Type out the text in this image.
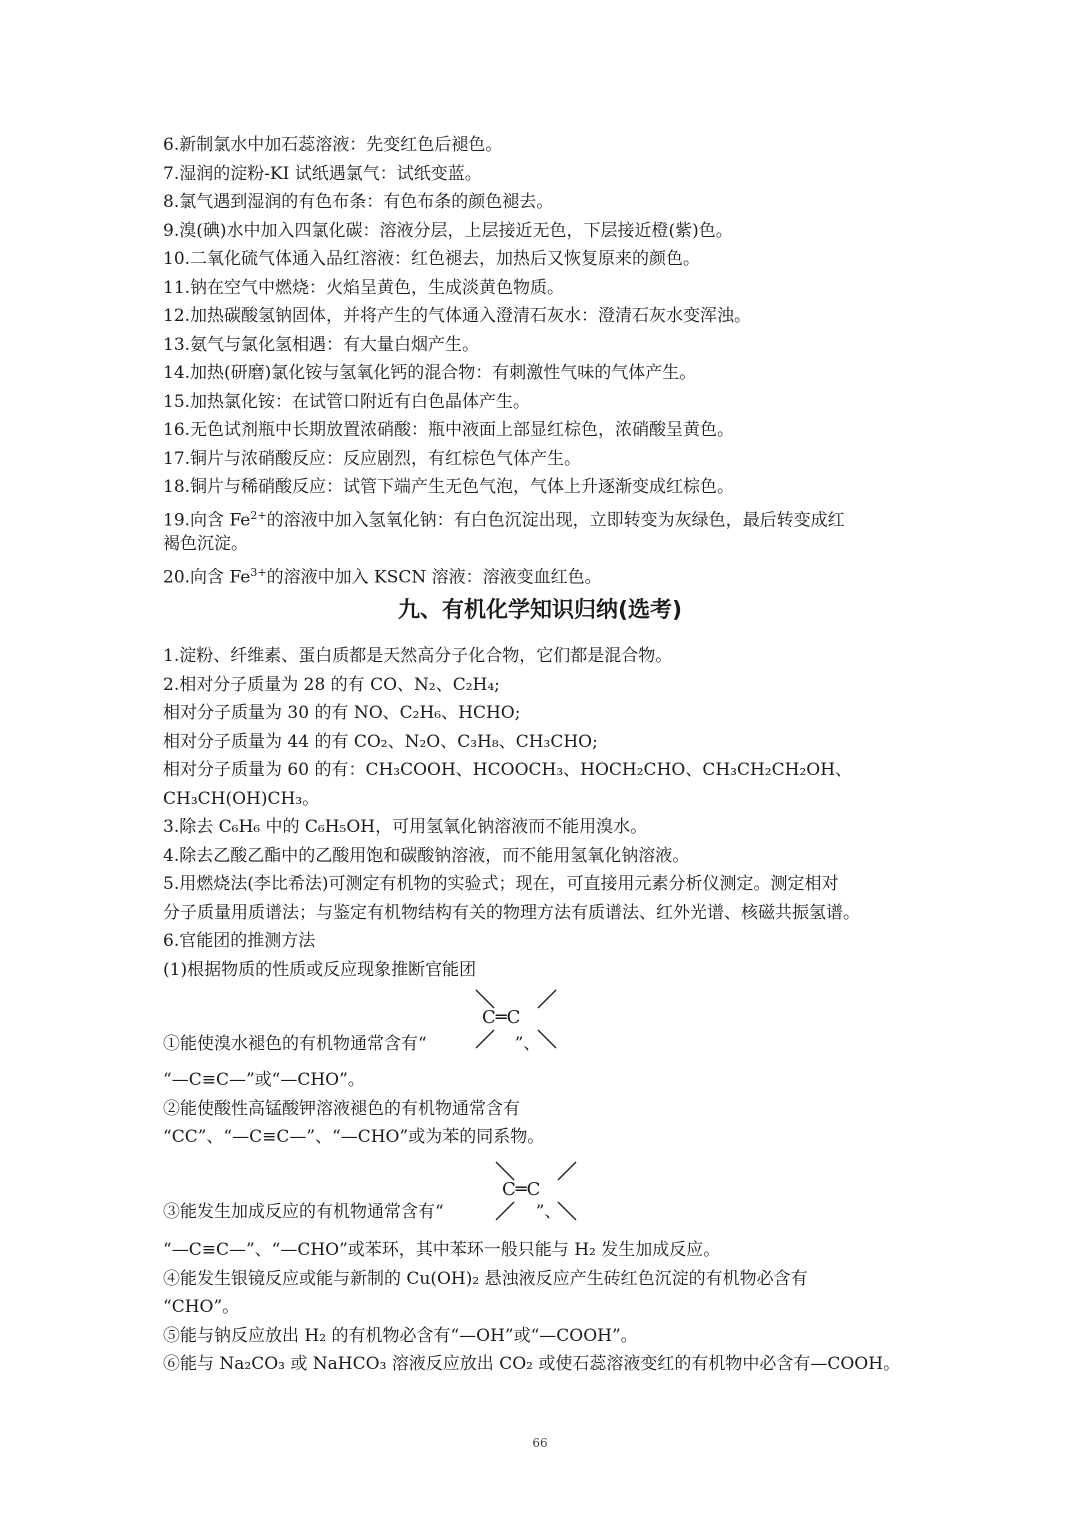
6.新制氯水中加石蕊溶液：先变红色后褪色。
7.湿润的淀粉-KI 试纸遇氯气：试纸变蓝。
8.氯气遇到湿润的有色布条：有色布条的颜色褪去。
9.溴(碘)水中加入四氯化碳：溶液分层，上层接近无色，下层接近橙(紫)色。
10.二氧化硫气体通入品红溶液：红色褪去，加热后又恢复原来的颜色。
11.钠在空气中燃烧：火焰呈黄色，生成淡黄色物质。
12.加热碳酸氢钠固体，并将产生的气体通入澄清石灰水：澄清石灰水变浑浊。
13.氨气与氯化氢相遇：有大量白烟产生。
14.加热(研磨)氯化铵与氢氧化钙的混合物：有刺激性气味的气体产生。
15.加热氯化铵：在试管口附近有白色晶体产生。
16.无色试剂瓶中长期放置浓硝酸：瓶中液面上部显红棕色，浓硝酸呈黄色。
17.铜片与浓硝酸反应：反应剧烈，有红棕色气体产生。
18.铜片与稀硝酸反应：试管下端产生无色气泡，气体上升逐渐变成红棕色。
19.向含 $Fe^{2+}$的溶液中加入氢氧化钠：有白色沉淀出现，立即转变为灰绿色，最后转变成红
褐色沉淀。
20.向含 $Fe^{3+}$的溶液中加入 KSCN 溶液：溶液变血红色。
九、有机化学知识归纳(选考)
1.淀粉、纤维素、蛋白质都是天然高分子化合物，它们都是混合物。
2.相对分子质量为 28 的有 CO、N₂、C₂H₄;
相对分子质量为 30 的有 NO、C₂H₆、HCHO;
相对分子质量为 44 的有 CO₂、N₂O、C₃H₈、CH₃CHO;
相对分子质量为 60 的有：CH₃COOH、HCOOCH₃、HOCH₂CHO、CH₃CH₂CH₂OH、
CH₃CH(OH)CH₃。
3.除去 C₆H₆ 中的 C₆H₅OH，可用氢氧化钠溶液而不能用溴水。
4.除去乙酸乙酯中的乙酸用饱和碳酸钠溶液，而不能用氢氧化钠溶液。
5.用燃烧法(李比希法)可测定有机物的实验式；现在，可直接用元素分析仪测定。测定相对
分子质量用质谱法；与鉴定有机物结构有关的物理方法有质谱法、红外光谱、核磁共振氢谱。
6.官能团的推测方法
(1)根据物质的性质或反应现象推断官能团
C═C
①能使溴水褪色的有机物通常含有“	”、
“—C≡C—”或“—CHO”。
②能使酸性高锰酸钾溶液褪色的有机物通常含有
“CC”、“—C≡C—”、“—CHO”或为苯的同系物。
C═C
③能发生加成反应的有机物通常含有“	”、
“—C≡C—”、“—CHO”或苯环，其中苯环一般只能与 H₂ 发生加成反应。
④能发生银镜反应或能与新制的 Cu(OH)₂ 悬浊液反应产生砖红色沉淀的有机物必含有
“CHO”。
⑤能与钠反应放出 H₂ 的有机物必含有“—OH”或“—COOH”。
⑥能与 Na₂CO₃ 或 NaHCO₃ 溶液反应放出 CO₂ 或使石蕊溶液变红的有机物中必含有—COOH。
66
